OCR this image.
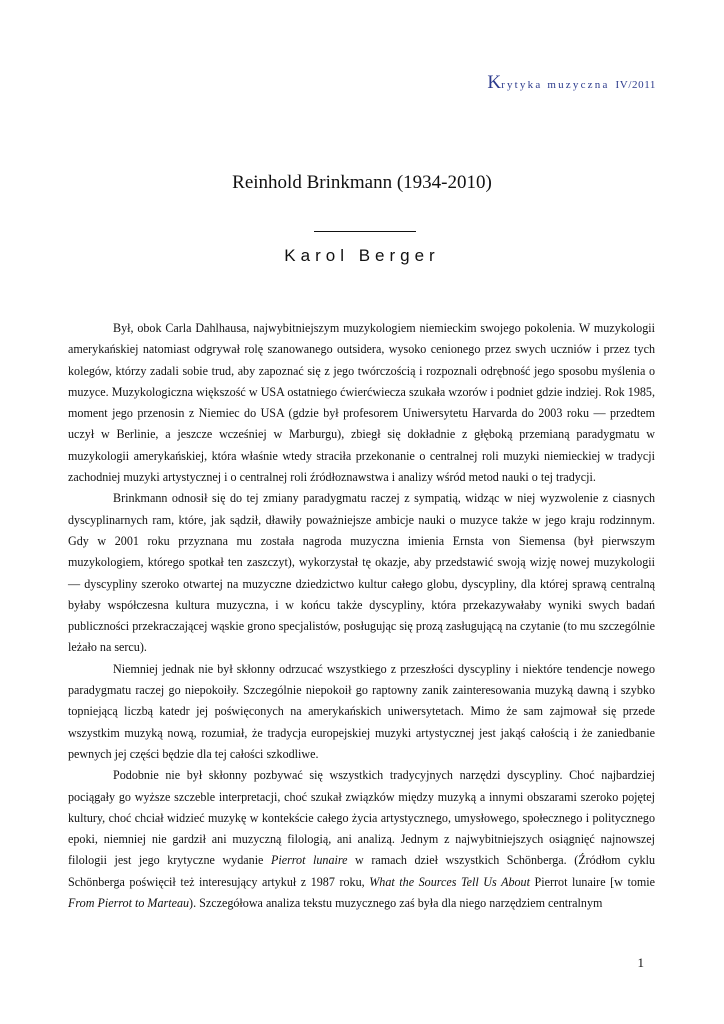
Krytyka muzyczna IV/2011
Reinhold Brinkmann (1934-2010)
Karol Berger

Był, obok Carla Dahlhausa, najwybitniejszym muzykologiem niemieckim swojego pokolenia. W muzykologii amerykańskiej natomiast odgrywał rolę szanowanego outsidera, wysoko cenionego przez swych uczniów i przez tych kolegów, którzy zadali sobie trud, aby zapoznać się z jego twórczością i rozpoznali odrębność jego sposobu myślenia o muzyce. Muzykologiczna większość w USA ostatniego ćwierćwiecza szukała wzorów i podniet gdzie indziej. Rok 1985, moment jego przenosin z Niemiec do USA (gdzie był profesorem Uniwersytetu Harvarda do 2003 roku — przedtem uczył w Berlinie, a jeszcze wcześniej w Marburgu), zbiegł się dokładnie z głęboką przemianą paradygmatu w muzykologii amerykańskiej, która właśnie wtedy straciła przekonanie o centralnej roli muzyki niemieckiej w tradycji zachodniej muzyki artystycznej i o centralnej roli źródłoznawstwa i analizy wśród metod nauki o tej tradycji.

Brinkmann odnosił się do tej zmiany paradygmatu raczej z sympatią, widząc w niej wyzwolenie z ciasnych dyscyplinarnych ram, które, jak sądził, dławiły poważniejsze ambicje nauki o muzyce także w jego kraju rodzinnym. Gdy w 2001 roku przyznana mu została nagroda muzyczna imienia Ernsta von Siemensa (był pierwszym muzykologiem, którego spotkał ten zaszczyt), wykorzystał tę okazje, aby przedstawić swoją wizję nowej muzykologii — dyscypliny szeroko otwartej na muzyczne dziedzictwo kultur całego globu, dyscypliny, dla której sprawą centralną byłaby współczesna kultura muzyczna, i w końcu także dyscypliny, która przekazywałaby wyniki swych badań publiczności przekraczającej wąskie grono specjalistów, posługując się prozą zasługującą na czytanie (to mu szczególnie leżało na sercu).

Niemniej jednak nie był skłonny odrzucać wszystkiego z przeszłości dyscypliny i niektóre tendencje nowego paradygmatu raczej go niepokoiły. Szczególnie niepokoił go raptowny zanik zainteresowania muzyką dawną i szybko topniejącą liczbą katedr jej poświęconych na amerykańskich uniwersytetach. Mimo że sam zajmował się przede wszystkim muzyką nową, rozumiał, że tradycja europejskiej muzyki artystycznej jest jakąś całością i że zaniedbanie pewnych jej części będzie dla tej całości szkodliwe.

Podobnie nie był skłonny pozbywać się wszystkich tradycyjnych narzędzi dyscypliny. Choć najbardziej pociągały go wyższe szczeble interpretacji, choć szukał związków między muzyką a innymi obszarami szeroko pojętej kultury, choć chciał widzieć muzykę w kontekście całego życia artystycznego, umysłowego, społecznego i politycznego epoki, niemniej nie gardził ani muzyczną filologią, ani analizą. Jednym z najwybitniejszych osiągnięć najnowszej filologii jest jego krytyczne wydanie Pierrot lunaire w ramach dzieł wszystkich Schönberga. (Źródłom cyklu Schönberga poświęcił też interesujący artykuł z 1987 roku, What the Sources Tell Us About Pierrot lunaire [w tomie From Pierrot to Marteau). Szczegółowa analiza tekstu muzycznego zaś była dla niego narzędziem centralnym

1
